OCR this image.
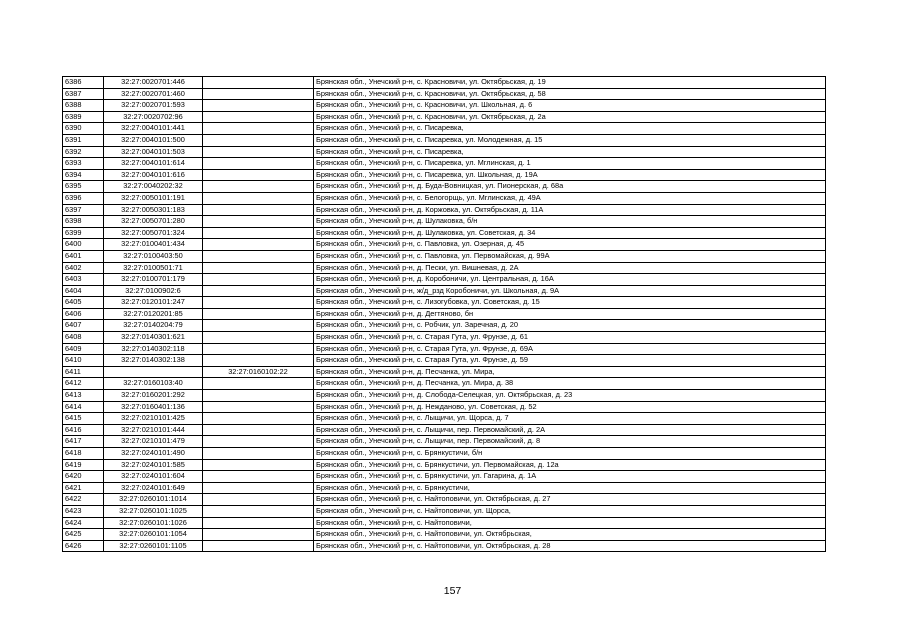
6386	32:27:0020701:446		Брянская обл., Унечский р-н, с. Красновичи, ул. Октябрьская, д. 19
6387	32:27:0020701:460		Брянская обл., Унечский р-н, с. Красновичи, ул. Октябрьская, д. 58
6388	32:27:0020701:593		Брянская обл., Унечский р-н, с. Красновичи, ул. Школьная, д. 6
6389	32:27:0020702:96		Брянская обл., Унечский р-н, с. Красновичи, ул. Октябрьская, д. 2а
6390	32:27:0040101:441		Брянская обл., Унечский р-н, с. Писаревка,
6391	32:27:0040101:500		Брянская обл., Унечский р-н, с. Писаревка, ул. Молодежная, д. 15
6392	32:27:0040101:503		Брянская обл., Унечский р-н, с. Писаревка,
6393	32:27:0040101:614		Брянская обл., Унечский р-н, с. Писаревка, ул. Мглинская, д. 1
6394	32:27:0040101:616		Брянская обл., Унечский р-н, с. Писаревка, ул. Школьная, д. 19А
6395	32:27:0040202:32		Брянская обл., Унечский р-н, д. Буда-Вовницкая, ул. Пионерская, д. 68а
6396	32:27:0050101:191		Брянская обл., Унечский р-н, с. Белогорщь, ул. Мглинская, д. 49А
6397	32:27:0050301:183		Брянская обл., Унечский р-н, д. Коржовка, ул. Октябрьская, д. 11А
6398	32:27:0050701:280		Брянская обл., Унечский р-н, д. Шулаковка, б/н
6399	32:27:0050701:324		Брянская обл., Унечский р-н, д. Шулаковка, ул. Советская, д. 34
6400	32:27:0100401:434		Брянская обл., Унечский р-н, с. Павловка, ул. Озерная, д. 45
6401	32:27:0100403:50		Брянская обл., Унечский р-н, с. Павловка, ул. Первомайская, д. 99А
6402	32:27:0100501:71		Брянская обл., Унечский р-н, д. Пески, ул. Вишневая, д. 2А
6403	32:27:0100701:179		Брянская обл., Унечский р-н, д. Коробоничи, ул. Центральная, д. 16А
6404	32:27:0100902:6		Брянская обл., Унечский р-н, ж/д_рзд Коробоничи, ул. Школьная, д. 9А
6405	32:27:0120101:247		Брянская обл., Унечский р-н, с. Лизогубовка, ул. Советская, д. 15
6406	32:27:0120201:85		Брянская обл., Унечский р-н, д. Дегтяново, бн
6407	32:27:0140204:79		Брянская обл., Унечский р-н, с. Робчик, ул. Заречная, д. 20
6408	32:27:0140301:621		Брянская обл., Унечский р-н, с. Старая Гута, ул. Фрунзе, д. 61
6409	32:27:0140302:118		Брянская обл., Унечский р-н, с. Старая Гута, ул. Фрунзе, д. 69А
6410	32:27:0140302:138		Брянская обл., Унечский р-н, с. Старая Гута, ул. Фрунзе, д. 59
6411		32:27:0160102:22	Брянская обл., Унечский р-н, д. Песчанка, ул. Мира,
6412	32:27:0160103:40		Брянская обл., Унечский р-н, д. Песчанка, ул. Мира, д. 38
6413	32:27:0160201:292		Брянская обл., Унечский р-н, д. Слобода-Селецкая, ул. Октябрьская, д. 23
6414	32:27:0160401:136		Брянская обл., Унечский р-н, д. Нежданово, ул. Советская, д. 52
6415	32:27:0210101:425		Брянская обл., Унечский р-н, с. Лыщичи, ул. Щорса, д. 7
6416	32:27:0210101:444		Брянская обл., Унечский р-н, с. Лыщичи, пер. Первомайский, д. 2А
6417	32:27:0210101:479		Брянская обл., Унечский р-н, с. Лыщичи, пер. Первомайский, д. 8
6418	32:27:0240101:490		Брянская обл., Унечский р-н, с. Брянкустичи, б/н
6419	32:27:0240101:585		Брянская обл., Унечский р-н, с. Брянкустичи, ул. Первомайская, д. 12а
6420	32:27:0240101:604		Брянская обл., Унечский р-н, с. Брянкустичи, ул. Гагарина, д. 1А
6421	32:27:0240101:649		Брянская обл., Унечский р-н, с. Брянкустичи,
6422	32:27:0260101:1014		Брянская обл., Унечский р-н, с. Найтоповичи, ул. Октябрьская, д. 27
6423	32:27:0260101:1025		Брянская обл., Унечский р-н, с. Найтоповичи, ул. Щорса,
6424	32:27:0260101:1026		Брянская обл., Унечский р-н, с. Найтоповичи,
6425	32:27:0260101:1054		Брянская обл., Унечский р-н, с. Найтоповичи, ул. Октябрьская,
6426	32:27:0260101:1105		Брянская обл., Унечский р-н, с. Найтоповичи, ул. Октябрьская, д. 28
157
